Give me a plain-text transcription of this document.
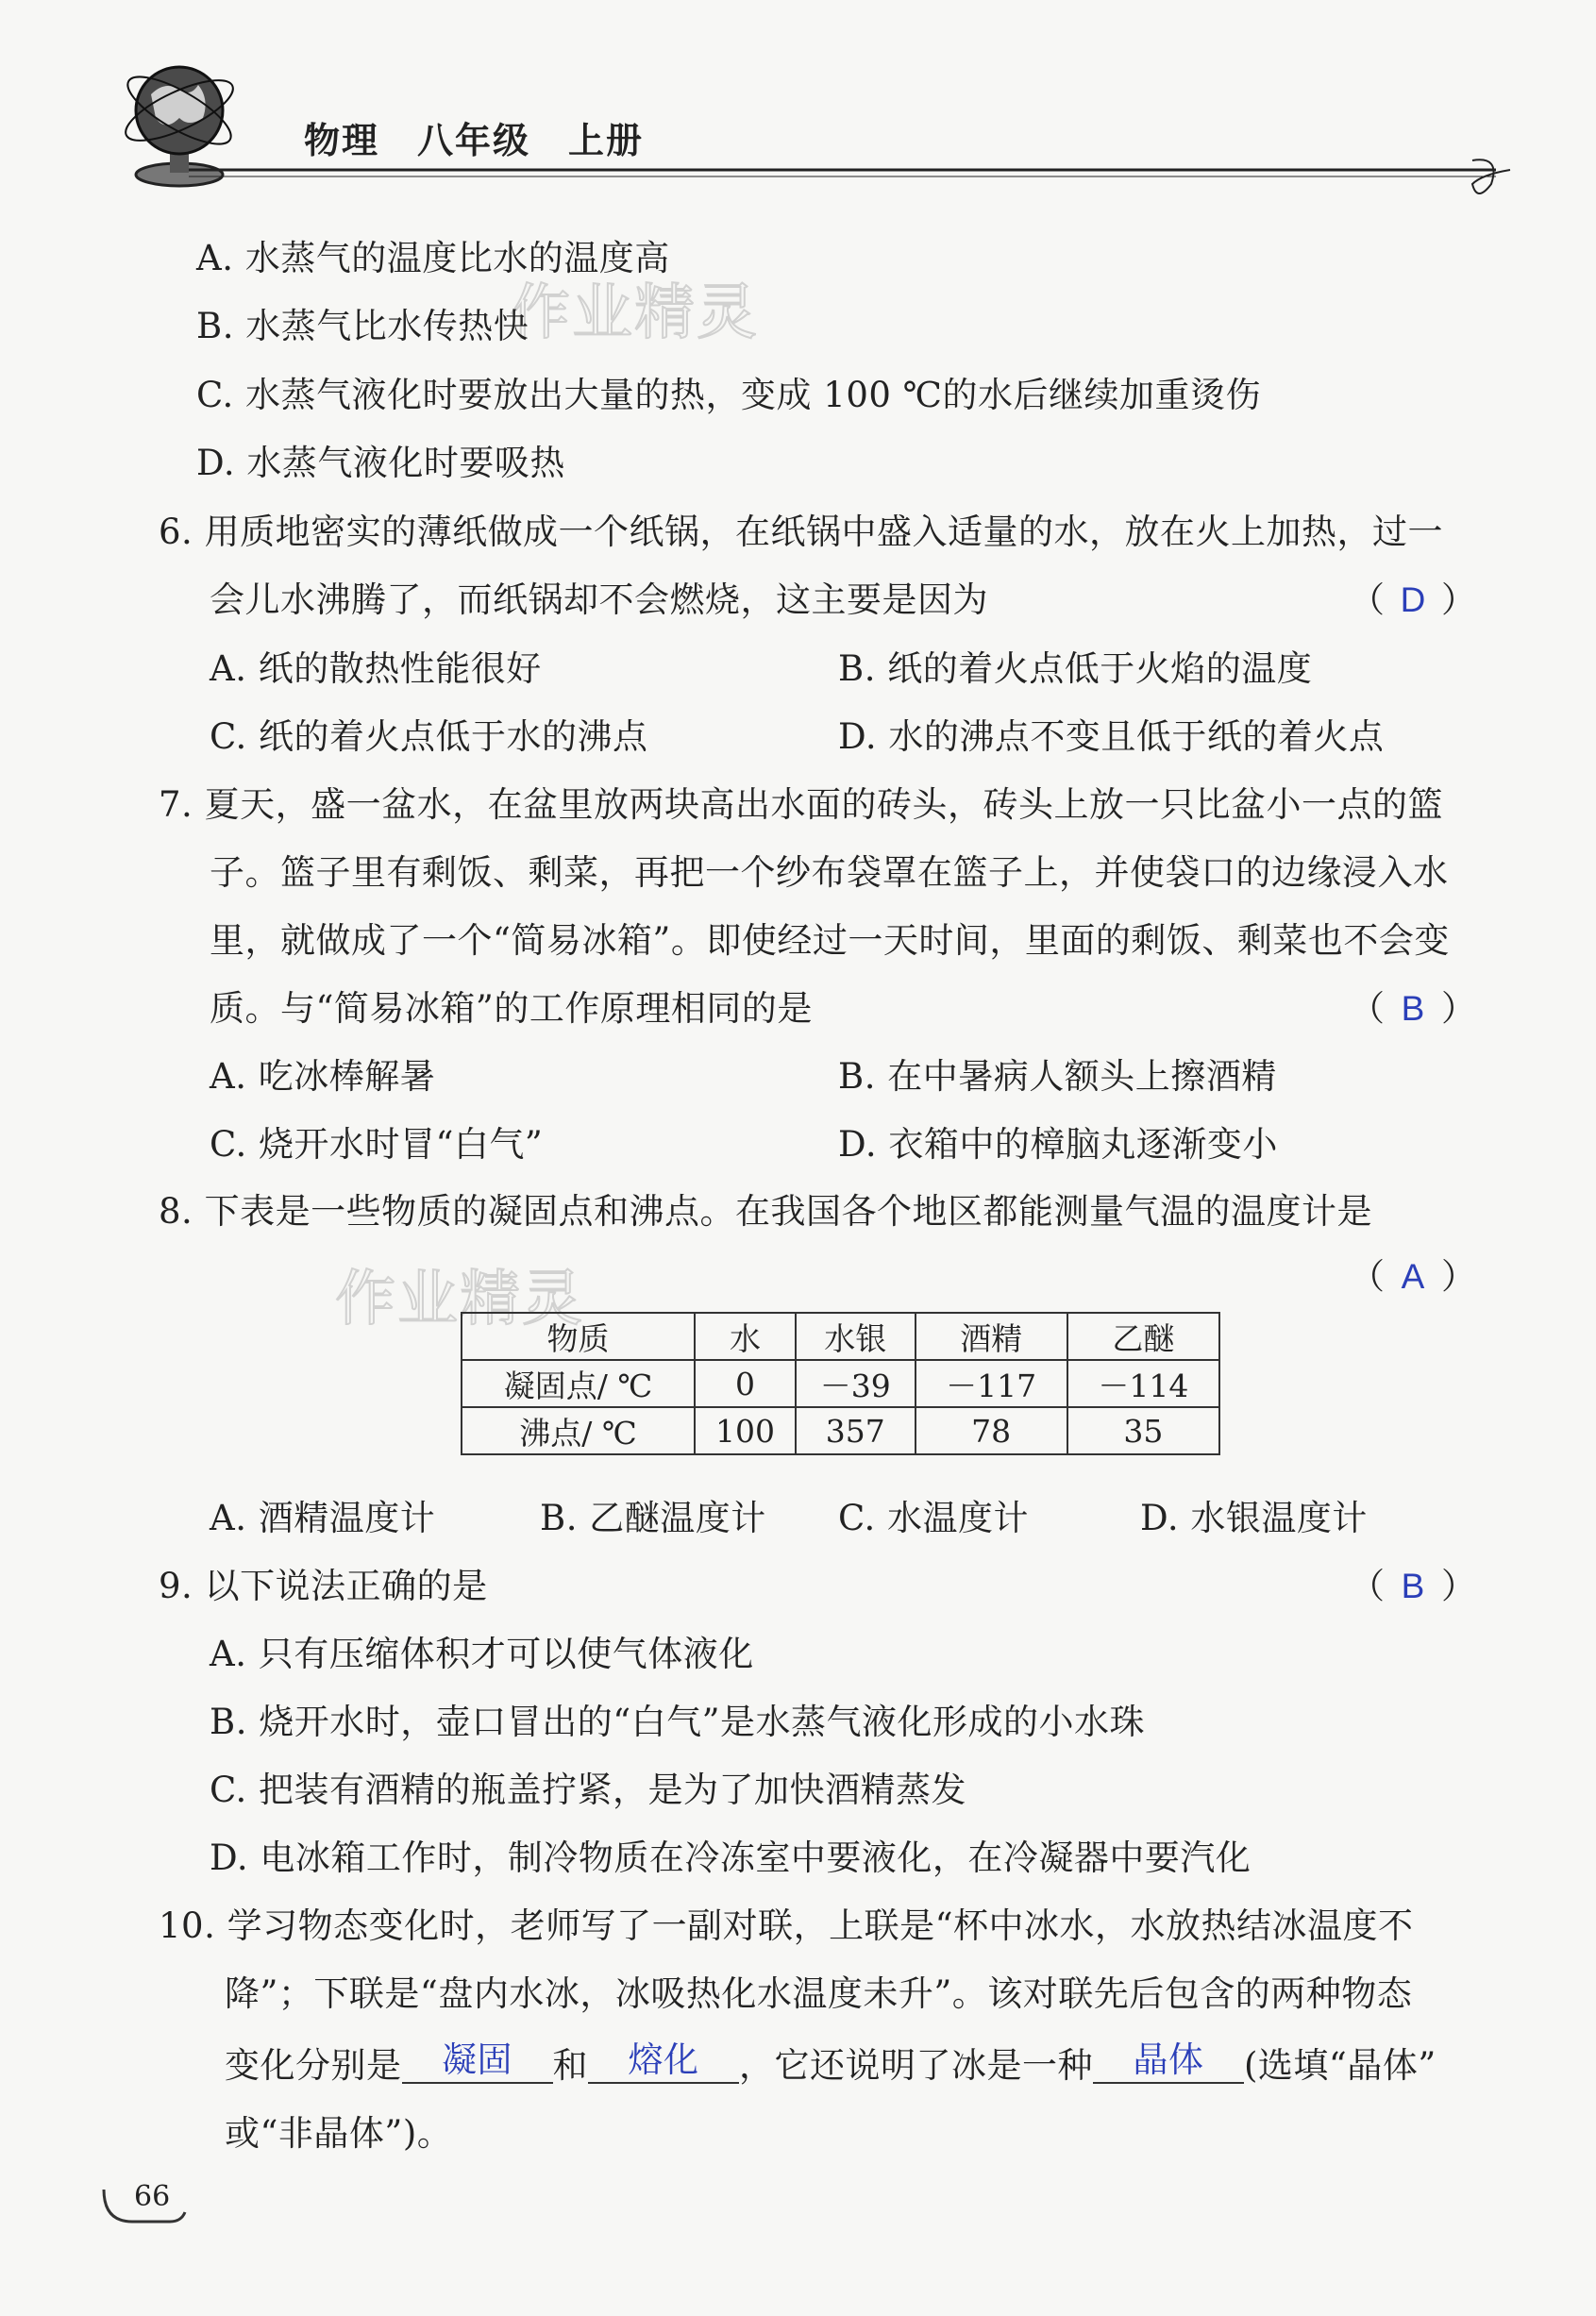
物理　八年级　上册
作业精灵
作业精灵
A. 水蒸气的温度比水的温度高
B. 水蒸气比水传热快
C. 水蒸气液化时要放出大量的热，变成 100 ℃的水后继续加重烫伤
D. 水蒸气液化时要吸热
6. 用质地密实的薄纸做成一个纸锅，在纸锅中盛入适量的水，放在火上加热，过一
会儿水沸腾了，而纸锅却不会燃烧，这主要是因为	（ D ）
A. 纸的散热性能很好	B. 纸的着火点低于火焰的温度
C. 纸的着火点低于水的沸点	D. 水的沸点不变且低于纸的着火点
7. 夏天，盛一盆水，在盆里放两块高出水面的砖头，砖头上放一只比盆小一点的篮
子。篮子里有剩饭、剩菜，再把一个纱布袋罩在篮子上，并使袋口的边缘浸入水
里，就做成了一个“简易冰箱”。即使经过一天时间，里面的剩饭、剩菜也不会变
质。与“简易冰箱”的工作原理相同的是	（ B ）
A. 吃冰棒解暑	B. 在中暑病人额头上擦酒精
C. 烧开水时冒“白气”	D. 衣箱中的樟脑丸逐渐变小
8. 下表是一些物质的凝固点和沸点。在我国各个地区都能测量气温的温度计是
（ A ）
物质	水	水银	酒精	乙醚
凝固点/ ℃	0	－39	－117	－114
沸点/ ℃	100	357	78	35
A. 酒精温度计	B. 乙醚温度计 C. 水温度计	D. 水银温度计
9. 以下说法正确的是	（ B ）
A. 只有压缩体积才可以使气体液化
B. 烧开水时，壶口冒出的“白气”是水蒸气液化形成的小水珠
C. 把装有酒精的瓶盖拧紧，是为了加快酒精蒸发
D. 电冰箱工作时，制冷物质在冷冻室中要液化，在冷凝器中要汽化
10. 学习物态变化时，老师写了一副对联，上联是“杯中冰水，水放热结冰温度不
降”；下联是“盘内水冰，冰吸热化水温度未升”。该对联先后包含的两种物态
变化分别是 凝固 和 熔化 ，它还说明了冰是一种 晶体 (选填“晶体”
或“非晶体”)。
66
